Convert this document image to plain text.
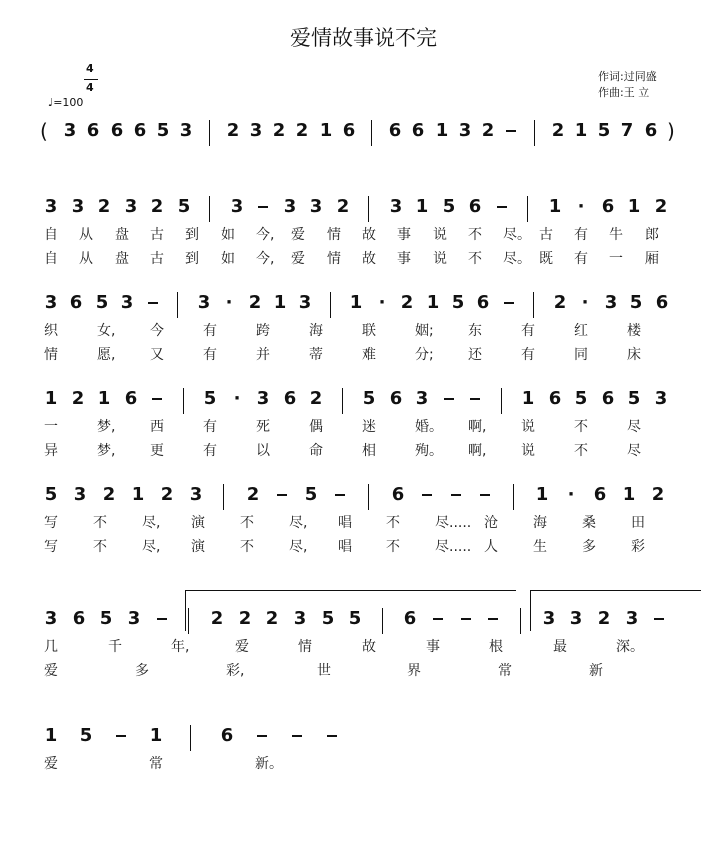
爱情故事说不完
作词:过同盛
作曲:王 立
4
4
♩=100
( 3 6 6 6 5 3 2 3 2 2 1 6 6 6 1 3 2	2 1 5 7 6 )
3 3 2 3 2 5 3 3 3 2 3 1 5 6	1 · 6 1 2
自 从 盘 古 到 如 今, 爱 情 故 事 说 不 尽。 古 有 牛 郎
自 从 盘 古 到 如 今, 爱 情 故 事 说 不 尽。 既 有 一 厢
3 6 5 3	3 · 2 1 3 1 · 2 1 5 6	2 · 3 5 6
织	女, 今	有	跨	海	联	姻; 东	有	红	楼
情	愿, 又	有	并	蒂	难	分; 还	有	同	床
1 2 1 6	5 · 3 6 2 5 6 3	1 6 5 6 5 3
一	梦, 西	有	死	偶	迷	婚。 啊, 说	不	尽
异	梦, 更	有	以	命	相	殉。 啊, 说	不	尽
5 3 2 1 2 3 2	5	6	1 · 6 1 2
写	不	尽, 演	不	尽, 唱 不	尽..... 沧	海	桑	田
写	不	尽, 演	不	尽, 唱 不	尽..... 人	生	多	彩
3 6 5 3	2 2 2 3 5 5 6	3 3 2 3
几	千	年,	爱	情	故	事	根	最	深。
爱	多	彩,	世	界	常	新
1 5	1	6
爱	常	新。
